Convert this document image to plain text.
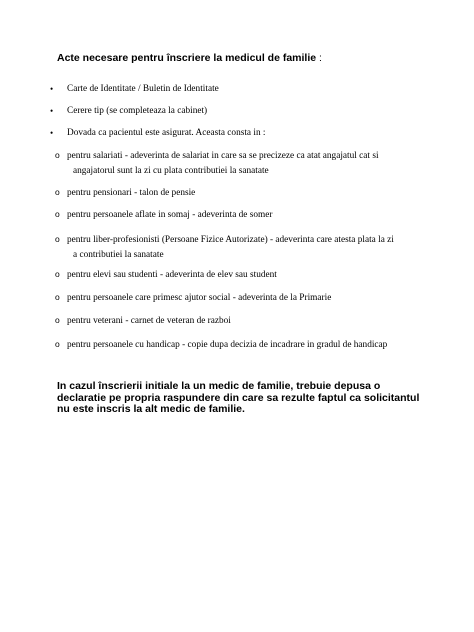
Acte necesare pentru înscriere la medicul de familie :
• Carte de Identitate / Buletin de Identitate
• Cerere tip (se completeaza la cabinet)
• Dovada ca pacientul este asigurat. Aceasta consta in :
o pentru salariati - adeverinta de salariat in care sa se precizeze ca atat angajatul cat si
angajatorul sunt la zi cu plata contributiei la sanatate
o pentru pensionari - talon de pensie
o pentru persoanele aflate in somaj - adeverinta de somer
o pentru liber-profesionisti (Persoane Fizice Autorizate) - adeverinta care atesta plata la zi
a contributiei la sanatate
o pentru elevi sau studenti - adeverinta de elev sau student
o pentru persoanele care primesc ajutor social - adeverinta de la Primarie
o pentru veterani - carnet de veteran de razboi
o pentru persoanele cu handicap - copie dupa decizia de incadrare in gradul de handicap
In cazul înscrierii initiale la un medic de familie, trebuie depusa o declaratie pe propria raspundere din care sa rezulte faptul ca solicitantul nu este inscris la alt medic de familie.
